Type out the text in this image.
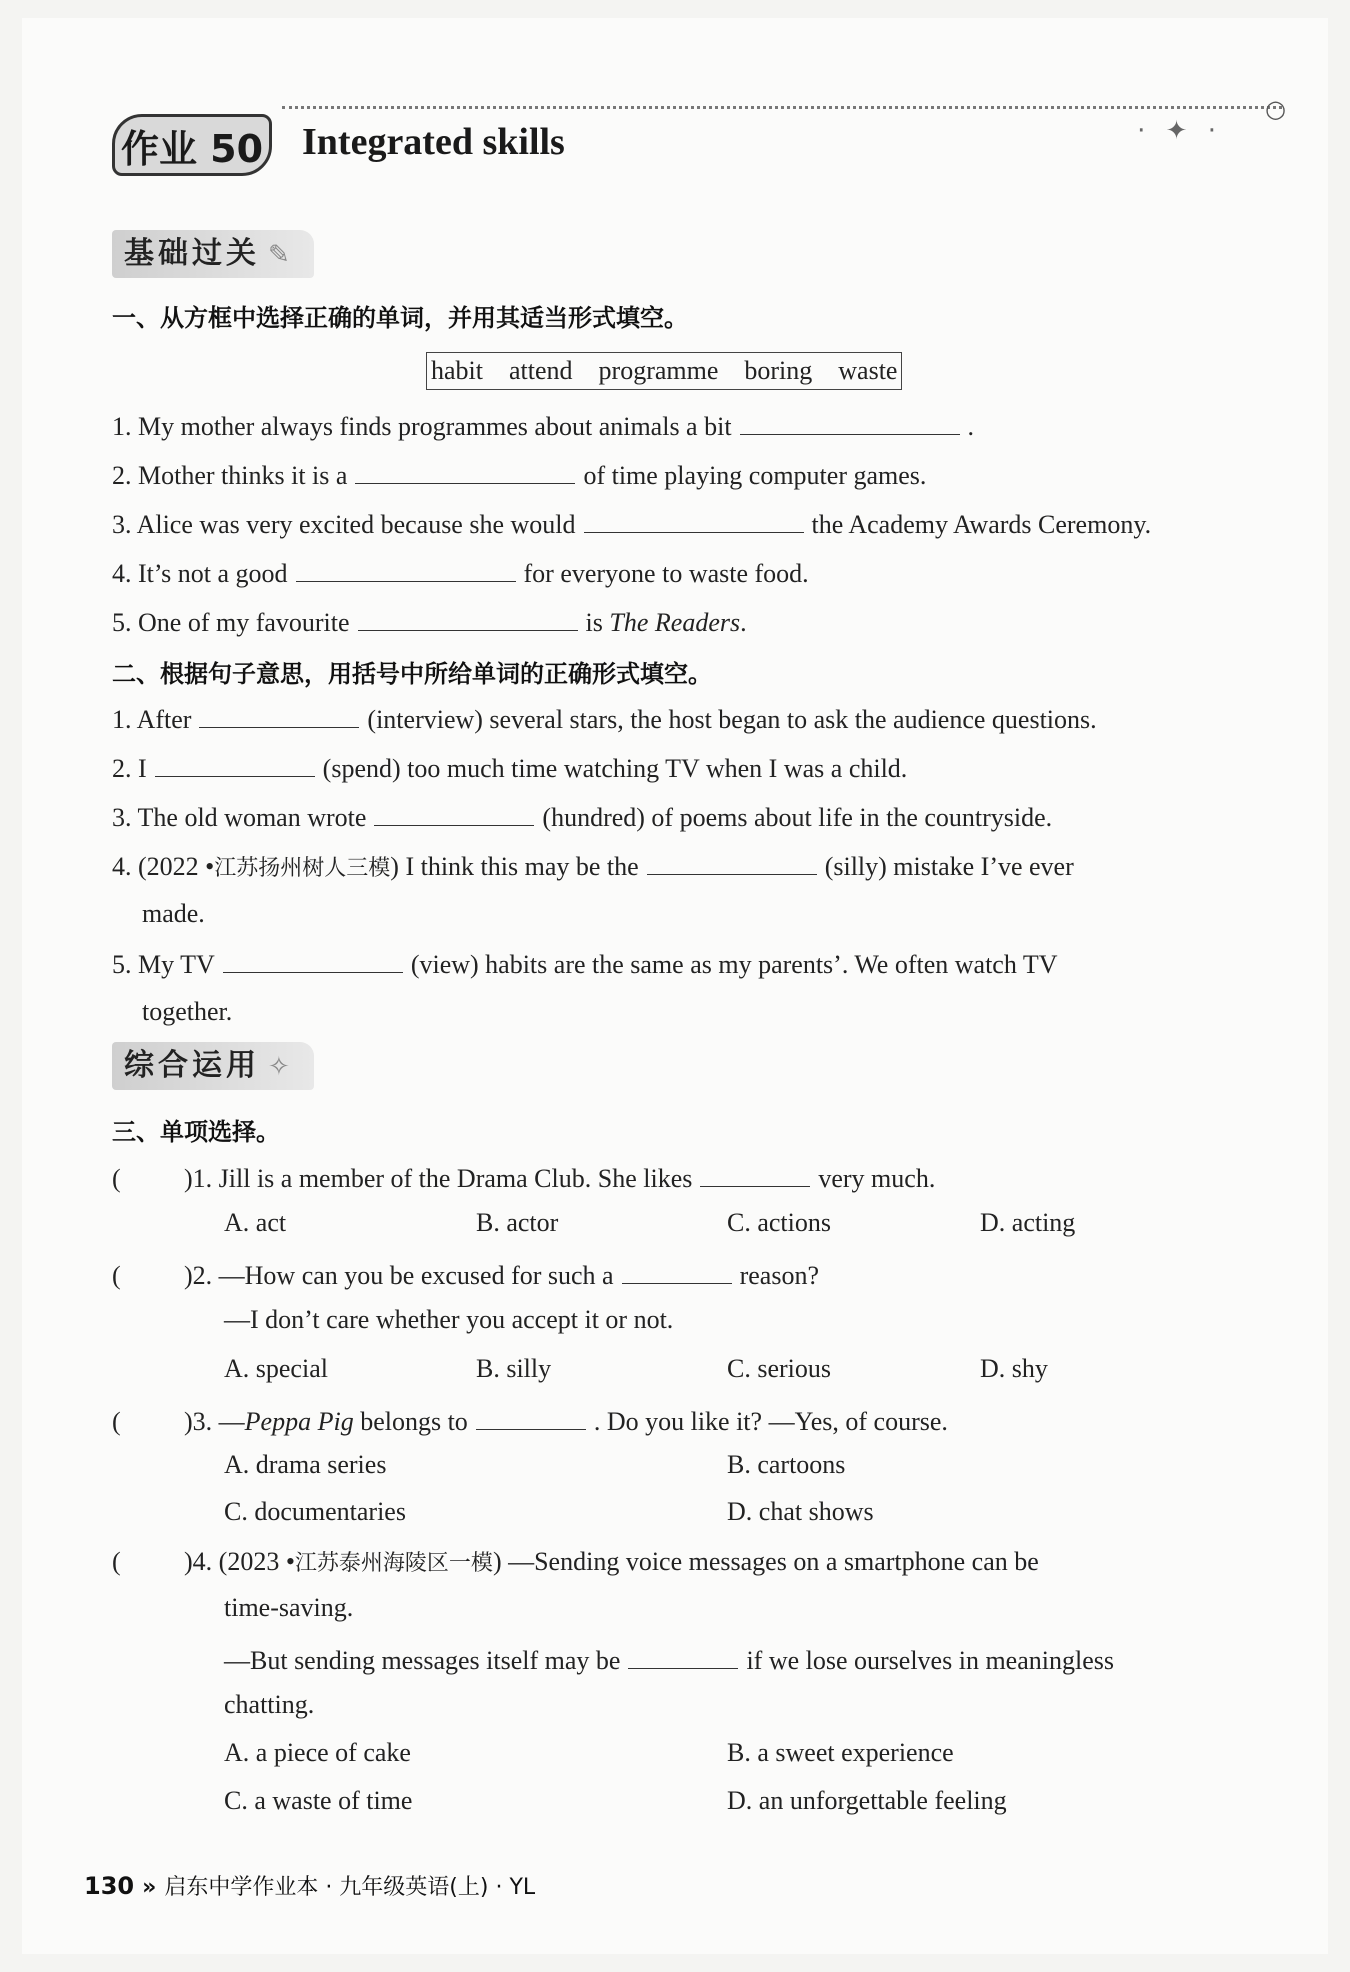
○
作业 50 Integrated skills	· ✦ ·
基础过关 ✎
一、从方框中选择正确的单词，并用其适当形式填空。
habit attend programme boring waste
1. My mother always finds programmes about animals a bit	.
2. Mother thinks it is a	of time playing computer games.
3. Alice was very excited because she would	the Academy Awards Ceremony.
4. It’s not a good	for everyone to waste food.
5. One of my favourite	is The Readers.
二、根据句子意思，用括号中所给单词的正确形式填空。
1. After	(interview) several stars, the host began to ask the audience questions.
2. I	(spend) too much time watching TV when I was a child.
3. The old woman wrote	(hundred) of poems about life in the countryside.
4. (2022 •江苏扬州树人三模) I think this may be the	(silly) mistake I’ve ever
made.
5. My TV	(view) habits are the same as my parents’. We often watch TV
together.
综合运用 ✧
三、单项选择。
( )1. Jill is a member of the Drama Club. She likes	very much.
A. act	B. actor	C. actions	D. acting
( )2. —How can you be excused for such a	reason?
—I don’t care whether you accept it or not.
A. special	B. silly	C. serious	D. shy
( )3. —Peppa Pig belongs to	. Do you like it? —Yes, of course.
A. drama series	B. cartoons
C. documentaries	D. chat shows
( )4. (2023 •江苏泰州海陵区一模) —Sending voice messages on a smartphone can be
time-saving.
—But sending messages itself may be	if we lose ourselves in meaningless
chatting.
A. a piece of cake	B. a sweet experience
C. a waste of time	D. an unforgettable feeling
130 » 启东中学作业本 · 九年级英语(上) · YL
